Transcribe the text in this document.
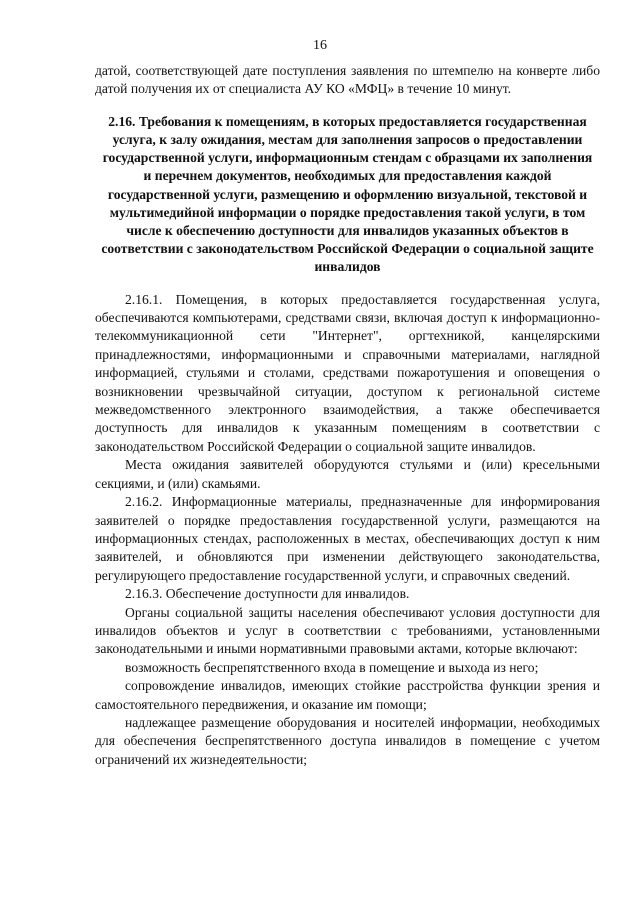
16

датой, соответствующей дате поступления заявления по штемпелю на конверте либо датой получения их от специалиста АУ КО «МФЦ» в течение 10 минут.

2.16. Требования к помещениям, в которых предоставляется государственная услуга, к залу ожидания, местам для заполнения запросов о предоставлении государственной услуги, информационным стендам с образцами их заполнения и перечнем документов, необходимых для предоставления каждой государственной услуги, размещению и оформлению визуальной, текстовой и мультимедийной информации о порядке предоставления такой услуги, в том числе к обеспечению доступности для инвалидов указанных объектов в соответствии с законодательством Российской Федерации о социальной защите инвалидов

2.16.1. Помещения, в которых предоставляется государственная услуга, обеспечиваются компьютерами, средствами связи, включая доступ к информационно-телекоммуникационной сети "Интернет", оргтехникой, канцелярскими принадлежностями, информационными и справочными материалами, наглядной информацией, стульями и столами, средствами пожаротушения и оповещения о возникновении чрезвычайной ситуации, доступом к региональной системе межведомственного электронного взаимодействия, а также обеспечивается доступность для инвалидов к указанным помещениям в соответствии с законодательством Российской Федерации о социальной защите инвалидов.

Места ожидания заявителей оборудуются стульями и (или) кресельными секциями, и (или) скамьями.

2.16.2. Информационные материалы, предназначенные для информирования заявителей о порядке предоставления государственной услуги, размещаются на информационных стендах, расположенных в местах, обеспечивающих доступ к ним заявителей, и обновляются при изменении действующего законодательства, регулирующего предоставление государственной услуги, и справочных сведений.

2.16.3. Обеспечение доступности для инвалидов.

Органы социальной защиты населения обеспечивают условия доступности для инвалидов объектов и услуг в соответствии с требованиями, установленными законодательными и иными нормативными правовыми актами, которые включают:

возможность беспрепятственного входа в помещение и выхода из него;

сопровождение инвалидов, имеющих стойкие расстройства функции зрения и самостоятельного передвижения, и оказание им помощи;

надлежащее размещение оборудования и носителей информации, необходимых для обеспечения беспрепятственного доступа инвалидов в помещение с учетом ограничений их жизнедеятельности;
